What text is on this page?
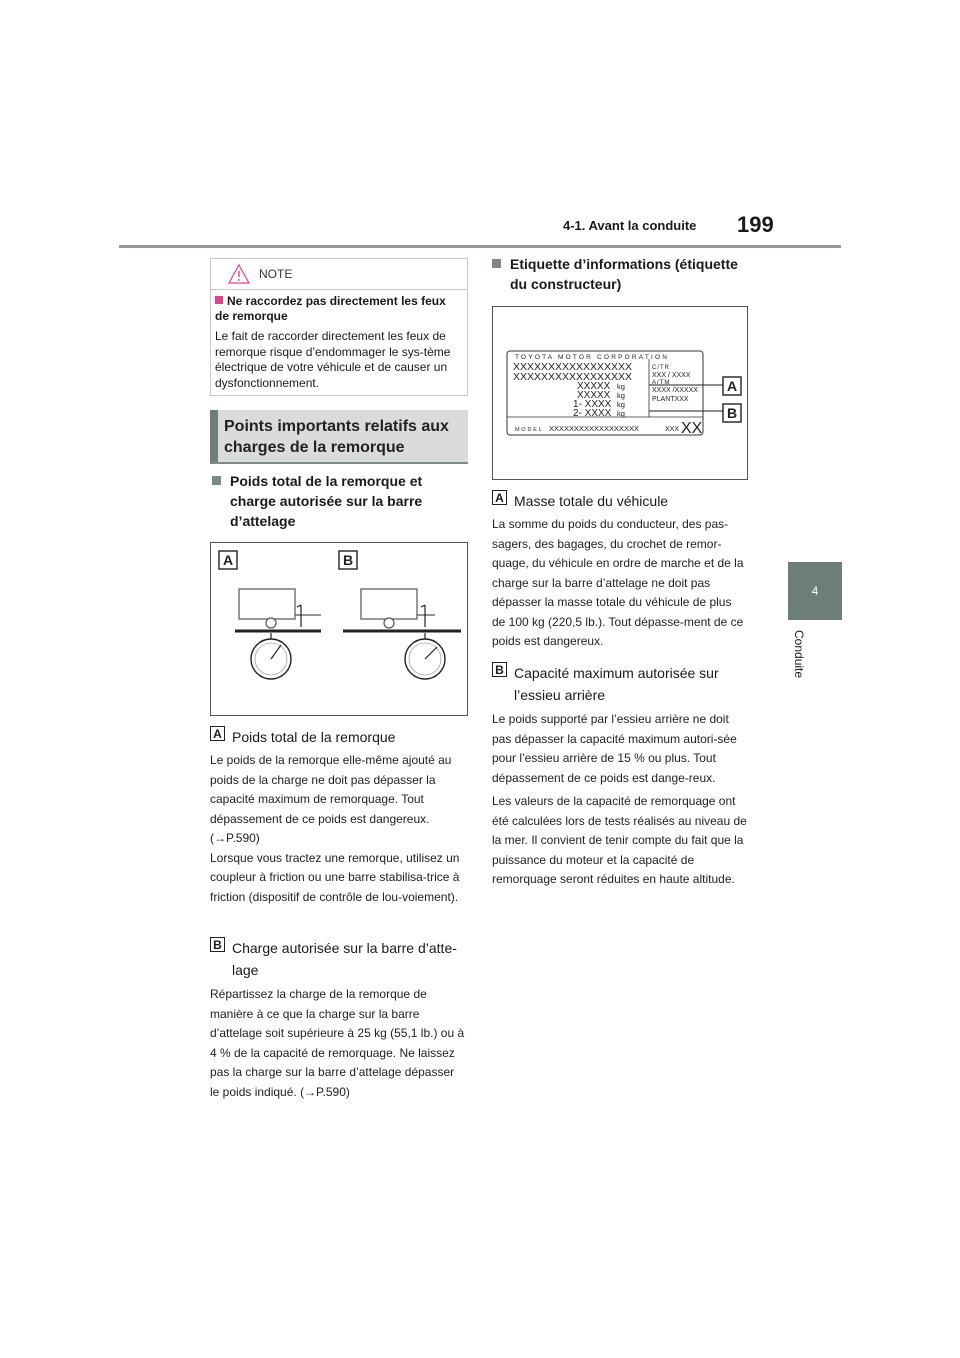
4-1. Avant la conduite 199
4
Conduite
NOTE
Ne raccordez pas directement les feux de remorque
Le fait de raccorder directement les feux de remorque risque d’endommager le sys-tème électrique de votre véhicule et de causer un dysfonctionnement.
Points importants relatifs aux charges de la remorque
Poids total de la remorque et charge autorisée sur la barre d’attelage
A	B
A Poids total de la remorque
Le poids de la remorque elle-même ajouté au poids de la charge ne doit pas dépasser la capacité maximum de remorquage. Tout dépassement de ce poids est dangereux.
(→P.590)
Lorsque vous tractez une remorque, utilisez un coupleur à friction ou une barre stabilisa-trice à friction (dispositif de contrôle de lou-voiement).
B Charge autorisée sur la barre d’atte-
lage
Répartissez la charge de la remorque de manière à ce que la charge sur la barre d’attelage soit supérieure à 25 kg (55,1 lb.) ou à 4 % de la capacité de remorquage. Ne laissez pas la charge sur la barre d’attelage dépasser le poids indiqué. (→P.590)
Etiquette d’informations (étiquette du constructeur)
TOYOTA MOTOR CORPORATION
XXXXXXXXXXXXXXXXX
XXXXXXXXXXXXXXXXX
XXXXX
XXXXX
1- XXXX
2- XXXX
kg
kg
kg
kg
C/TR
XXX / XXXX
A/TM
XXXX /XXXXX
PLANTXXX
MODEL XXXXXXXXXXXXXXXXXX	XXX XX
A
B
A Masse totale du véhicule
La somme du poids du conducteur, des pas-sagers, des bagages, du crochet de remor-quage, du véhicule en ordre de marche et de la charge sur la barre d’attelage ne doit pas dépasser la masse totale du véhicule de plus de 100 kg (220,5 lb.). Tout dépasse-ment de ce poids est dangereux.
B Capacité maximum autorisée sur
l’essieu arrière
Le poids supporté par l’essieu arrière ne doit pas dépasser la capacité maximum autori-sée pour l’essieu arrière de 15 % ou plus. Tout dépassement de ce poids est dange-reux.
Les valeurs de la capacité de remorquage ont été calculées lors de tests réalisés au niveau de la mer. Il convient de tenir compte du fait que la puissance du moteur et la capacité de remorquage seront réduites en haute altitude.
